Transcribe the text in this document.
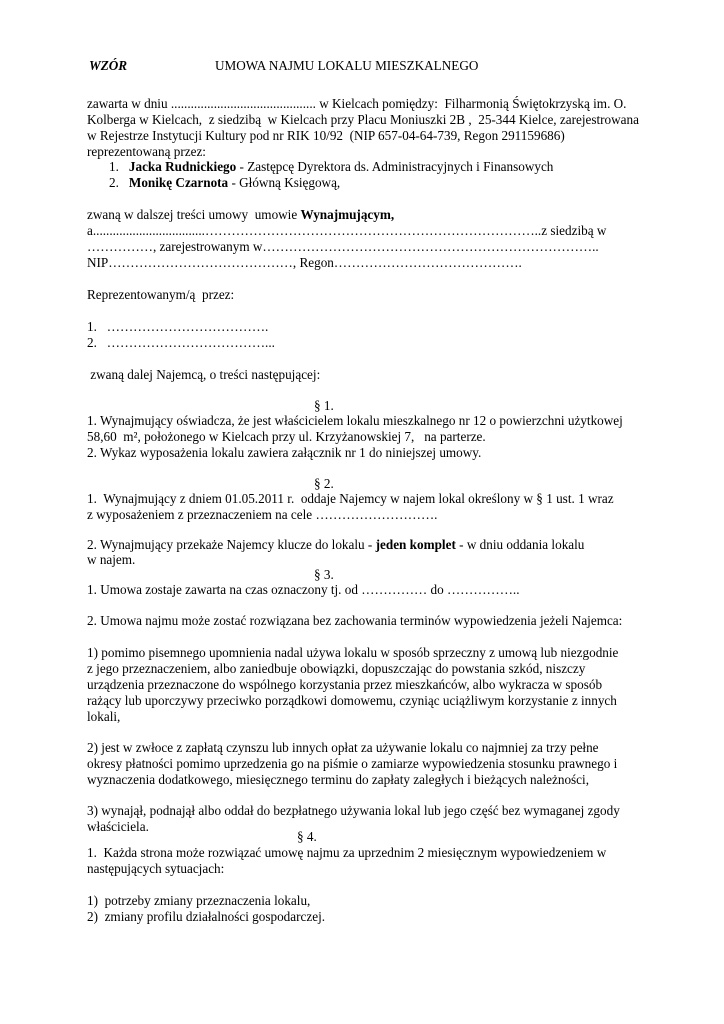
WZÓR	UMOWA NAJMU LOKALU MIESZKALNEGO
zawarta w dniu ............................................ w Kielcach pomiędzy:  Filharmonią Świętokrzyską im. O.
Kolberga w Kielcach,  z siedzibą  w Kielcach przy Placu Moniuszki 2B ,  25-344 Kielce, zarejestrowana
w Rejestrze Instytucji Kultury pod nr RIK 10/92  (NIP 657-04-64-739, Regon 291159686)
reprezentowaną przez:
1. Jacka Rudnickiego - Zastępcę Dyrektora ds. Administracyjnych i Finansowych
2. Monikę Czarnota - Główną Księgową,
zwaną w dalszej treści umowy  umowie Wynajmującym,
a..................................…………………………………………………………………..z siedzibą w
……………, zarejestrowanym w…………………………………………………………………..
NIP……………………………………, Regon…………………………………….
Reprezentowanym/ą  przez:
1.   ……………………………….
2.   ………………………………...
zwaną dalej Najemcą, o treści następującej:
§ 1.
1. Wynajmujący oświadcza, że jest właścicielem lokalu mieszkalnego nr 12 o powierzchni użytkowej
58,60  m², położonego w Kielcach przy ul. Krzyżanowskiej 7,   na parterze.
2. Wykaz wyposażenia lokalu zawiera załącznik nr 1 do niniejszej umowy.
§ 2.
1.  Wynajmujący z dniem 01.05.2011 r.  oddaje Najemcy w najem lokal określony w § 1 ust. 1 wraz
z wyposażeniem z przeznaczeniem na cele ……………………….
2. Wynajmujący przekaże Najemcy klucze do lokalu - jeden komplet - w dniu oddania lokalu
w najem.
§ 3.
1. Umowa zostaje zawarta na czas oznaczony tj. od …………… do ……………..
2. Umowa najmu może zostać rozwiązana bez zachowania terminów wypowiedzenia jeżeli Najemca:
1) pomimo pisemnego upomnienia nadal używa lokalu w sposób sprzeczny z umową lub niezgodnie
z jego przeznaczeniem, albo zaniedbuje obowiązki, dopuszczając do powstania szkód, niszczy
urządzenia przeznaczone do wspólnego korzystania przez mieszkańców, albo wykracza w sposób
rażący lub uporczywy przeciwko porządkowi domowemu, czyniąc uciążliwym korzystanie z innych
lokali,
2) jest w zwłoce z zapłatą czynszu lub innych opłat za używanie lokalu co najmniej za trzy pełne
okresy płatności pomimo uprzedzenia go na piśmie o zamiarze wypowiedzenia stosunku prawnego i
wyznaczenia dodatkowego, miesięcznego terminu do zapłaty zaległych i bieżących należności,
3) wynajął, podnajął albo oddał do bezpłatnego używania lokal lub jego część bez wymaganej zgody
właściciela.
§ 4.
1.  Każda strona może rozwiązać umowę najmu za uprzednim 2 miesięcznym wypowiedzeniem w
następujących sytuacjach:
1)  potrzeby zmiany przeznaczenia lokalu,
2)  zmiany profilu działalności gospodarczej.
